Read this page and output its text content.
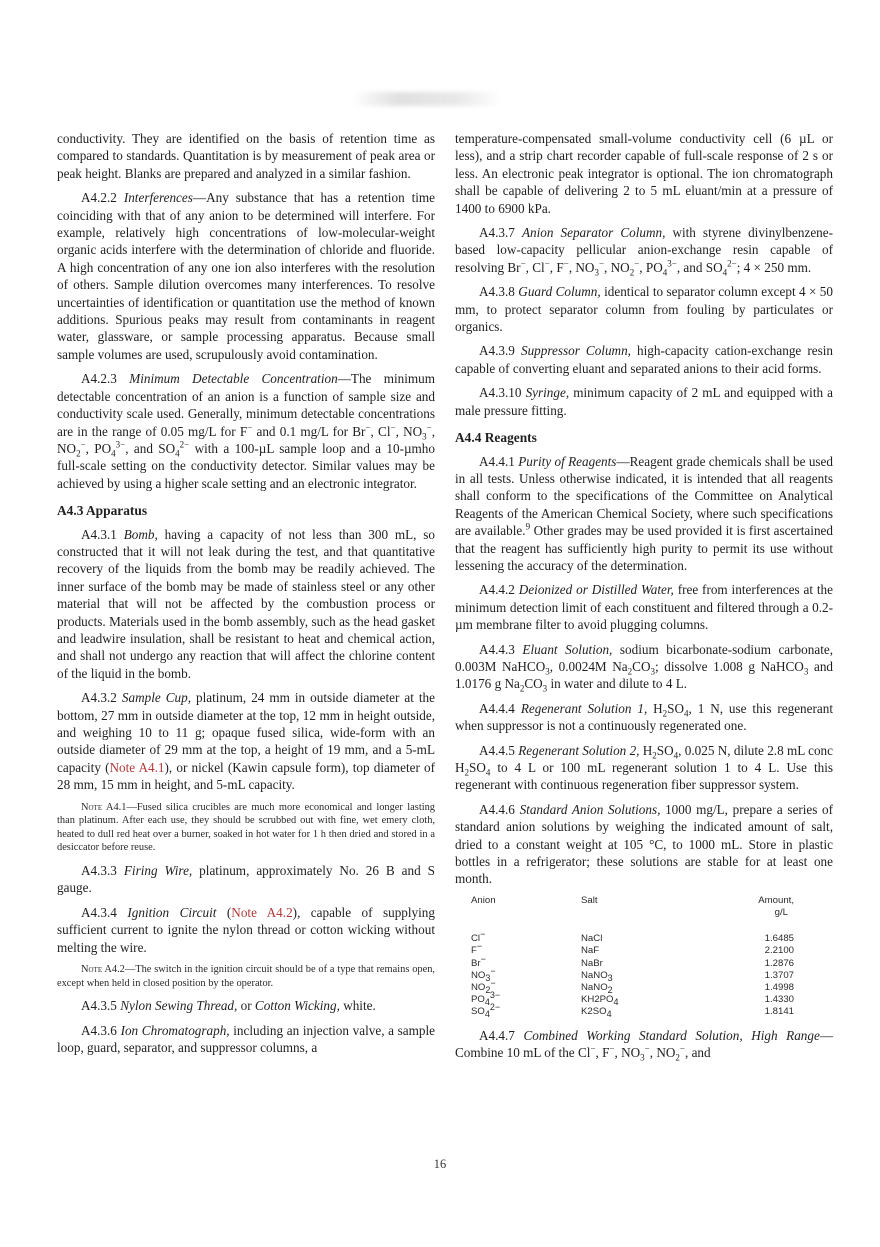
conductivity. They are identified on the basis of retention time as compared to standards. Quantitation is by measurement of peak area or peak height. Blanks are prepared and analyzed in a similar fashion.

A4.2.2 Interferences—Any substance that has a retention time coinciding with that of any anion to be determined will interfere. For example, relatively high concentrations of low-molecular-weight organic acids interfere with the determination of chloride and fluoride. A high concentration of any one ion also interferes with the resolution of others. Sample dilution overcomes many interferences. To resolve uncertainties of identification or quantitation use the method of known additions. Spurious peaks may result from contaminants in reagent water, glassware, or sample processing apparatus. Because small sample volumes are used, scrupulously avoid contamination.

A4.2.3 Minimum Detectable Concentration—The minimum detectable concentration of an anion is a function of sample size and conductivity scale used. Generally, minimum detectable concentrations are in the range of 0.05 mg/L for F− and 0.1 mg/L for Br−, Cl−, $NO_3^-$, $NO_2^-$, $PO_4^{3-}$, and $SO_4^{2-}$ with a 100-µL sample loop and a 10-µmho full-scale setting on the conductivity detector. Similar values may be achieved by using a higher scale setting and an electronic integrator.

A4.3 Apparatus

A4.3.1 Bomb, having a capacity of not less than 300 mL, so constructed that it will not leak during the test, and that quantitative recovery of the liquids from the bomb may be readily achieved. The inner surface of the bomb may be made of stainless steel or any other material that will not be affected by the combustion process or products. Materials used in the bomb assembly, such as the head gasket and leadwire insulation, shall be resistant to heat and chemical action, and shall not undergo any reaction that will affect the chlorine content of the liquid in the bomb.

A4.3.2 Sample Cup, platinum, 24 mm in outside diameter at the bottom, 27 mm in outside diameter at the top, 12 mm in height outside, and weighing 10 to 11 g; opaque fused silica, wide-form with an outside diameter of 29 mm at the top, a height of 19 mm, and a 5-mL capacity (Note A4.1), or nickel (Kawin capsule form), top diameter of 28 mm, 15 mm in height, and 5-mL capacity.

Note A4.1—Fused silica crucibles are much more economical and longer lasting than platinum. After each use, they should be scrubbed out with fine, wet emery cloth, heated to dull red heat over a burner, soaked in hot water for 1 h then dried and stored in a desiccator before reuse.

A4.3.3 Firing Wire, platinum, approximately No. 26 B and S gauge.

A4.3.4 Ignition Circuit (Note A4.2), capable of supplying sufficient current to ignite the nylon thread or cotton wicking without melting the wire.

Note A4.2—The switch in the ignition circuit should be of a type that remains open, except when held in closed position by the operator.

A4.3.5 Nylon Sewing Thread, or Cotton Wicking, white.

A4.3.6 Ion Chromatograph, including an injection valve, a sample loop, guard, separator, and suppressor columns, a

temperature-compensated small-volume conductivity cell (6 µL or less), and a strip chart recorder capable of full-scale response of 2 s or less. An electronic peak integrator is optional. The ion chromatograph shall be capable of delivering 2 to 5 mL eluant/min at a pressure of 1400 to 6900 kPa.

A4.3.7 Anion Separator Column, with styrene divinylbenzene-based low-capacity pellicular anion-exchange resin capable of resolving Br−, Cl−, F−, $NO_3^-$, $NO_2^-$, $PO_4^{3-}$, and $SO_4^{2-}$; 4 × 250 mm.

A4.3.8 Guard Column, identical to separator column except 4 × 50 mm, to protect separator column from fouling by particulates or organics.

A4.3.9 Suppressor Column, high-capacity cation-exchange resin capable of converting eluant and separated anions to their acid forms.

A4.3.10 Syringe, minimum capacity of 2 mL and equipped with a male pressure fitting.

A4.4 Reagents

A4.4.1 Purity of Reagents—Reagent grade chemicals shall be used in all tests. Unless otherwise indicated, it is intended that all reagents shall conform to the specifications of the Committee on Analytical Reagents of the American Chemical Society, where such specifications are available.$^9$ Other grades may be used provided it is first ascertained that the reagent has sufficiently high purity to permit its use without lessening the accuracy of the determination.

A4.4.2 Deionized or Distilled Water, free from interferences at the minimum detection limit of each constituent and filtered through a 0.2-µm membrane filter to avoid plugging columns.

A4.4.3 Eluant Solution, sodium bicarbonate-sodium carbonate, 0.003M NaHCO$_3$, 0.0024M $Na_2CO_3$; dissolve 1.008 g NaHCO$_3$ and 1.0176 g $Na_2CO_3$ in water and dilute to 4 L.

A4.4.4 Regenerant Solution 1, $H_2SO_4$, 1 N, use this regenerant when suppressor is not a continuously regenerated one.

A4.4.5 Regenerant Solution 2, $H_2SO_4$, 0.025 N, dilute 2.8 mL conc $H_2SO_4$ to 4 L or 100 mL regenerant solution 1 to 4 L. Use this regenerant with continuous regeneration fiber suppressor system.

A4.4.6 Standard Anion Solutions, 1000 mg/L, prepare a series of standard anion solutions by weighing the indicated amount of salt, dried to a constant weight at 105 °C, to 1000 mL. Store in plastic bottles in a refrigerator; these solutions are stable for at least one month.

Anion	Salt	Amount,
g/L
Cl−	NaCl	1.6485
F−	NaF	2.2100
Br−	NaBr	1.2876
$NO_3^-$	NaNO$_3$	1.3707
$NO_2^-$	NaNO$_2$	1.4998
$PO_4^{3-}$	$KH2PO_4$	1.4330
$SO_4^{2-}$	$K2SO_4$	1.8141

A4.4.7 Combined Working Standard Solution, High Range—Combine 10 mL of the Cl−, F−, $NO_3^-$, $NO_2^-$, and

16
